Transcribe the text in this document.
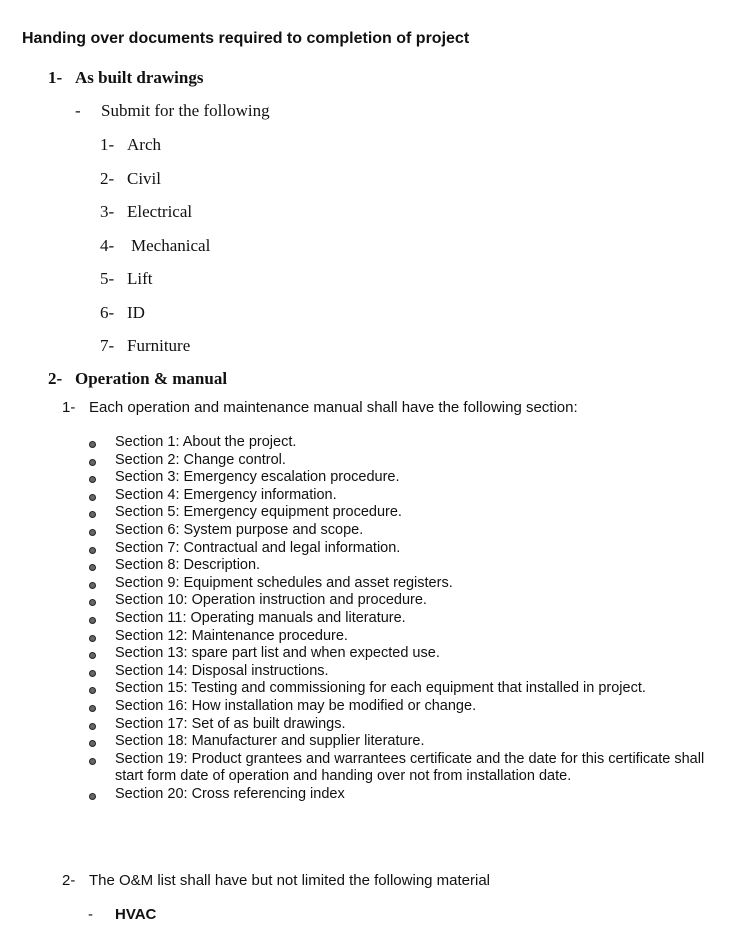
Handing over documents required to completion of project
1- As built drawings
- Submit for the following
1- Arch
2- Civil
3- Electrical
4- Mechanical
5- Lift
6- ID
7- Furniture
2- Operation & manual
1- Each operation and maintenance manual shall have the following section:
Section 1: About the project.
Section 2: Change control.
Section 3: Emergency escalation procedure.
Section 4: Emergency information.
Section 5: Emergency equipment procedure.
Section 6: System purpose and scope.
Section 7: Contractual and legal information.
Section 8: Description.
Section 9: Equipment schedules and asset registers.
Section 10: Operation instruction and procedure.
Section 11: Operating manuals and literature.
Section 12: Maintenance procedure.
Section 13: spare part list and when expected use.
Section 14: Disposal instructions.
Section 15: Testing and commissioning for each equipment that installed in project.
Section 16: How installation may be modified or change.
Section 17: Set of as built drawings.
Section 18: Manufacturer and supplier literature.
Section 19: Product grantees and warrantees certificate and the date for this certificate shall start form date of operation and handing over not from installation date.
Section 20: Cross referencing index
2- The O&M list shall have but not limited the following material
- HVAC
